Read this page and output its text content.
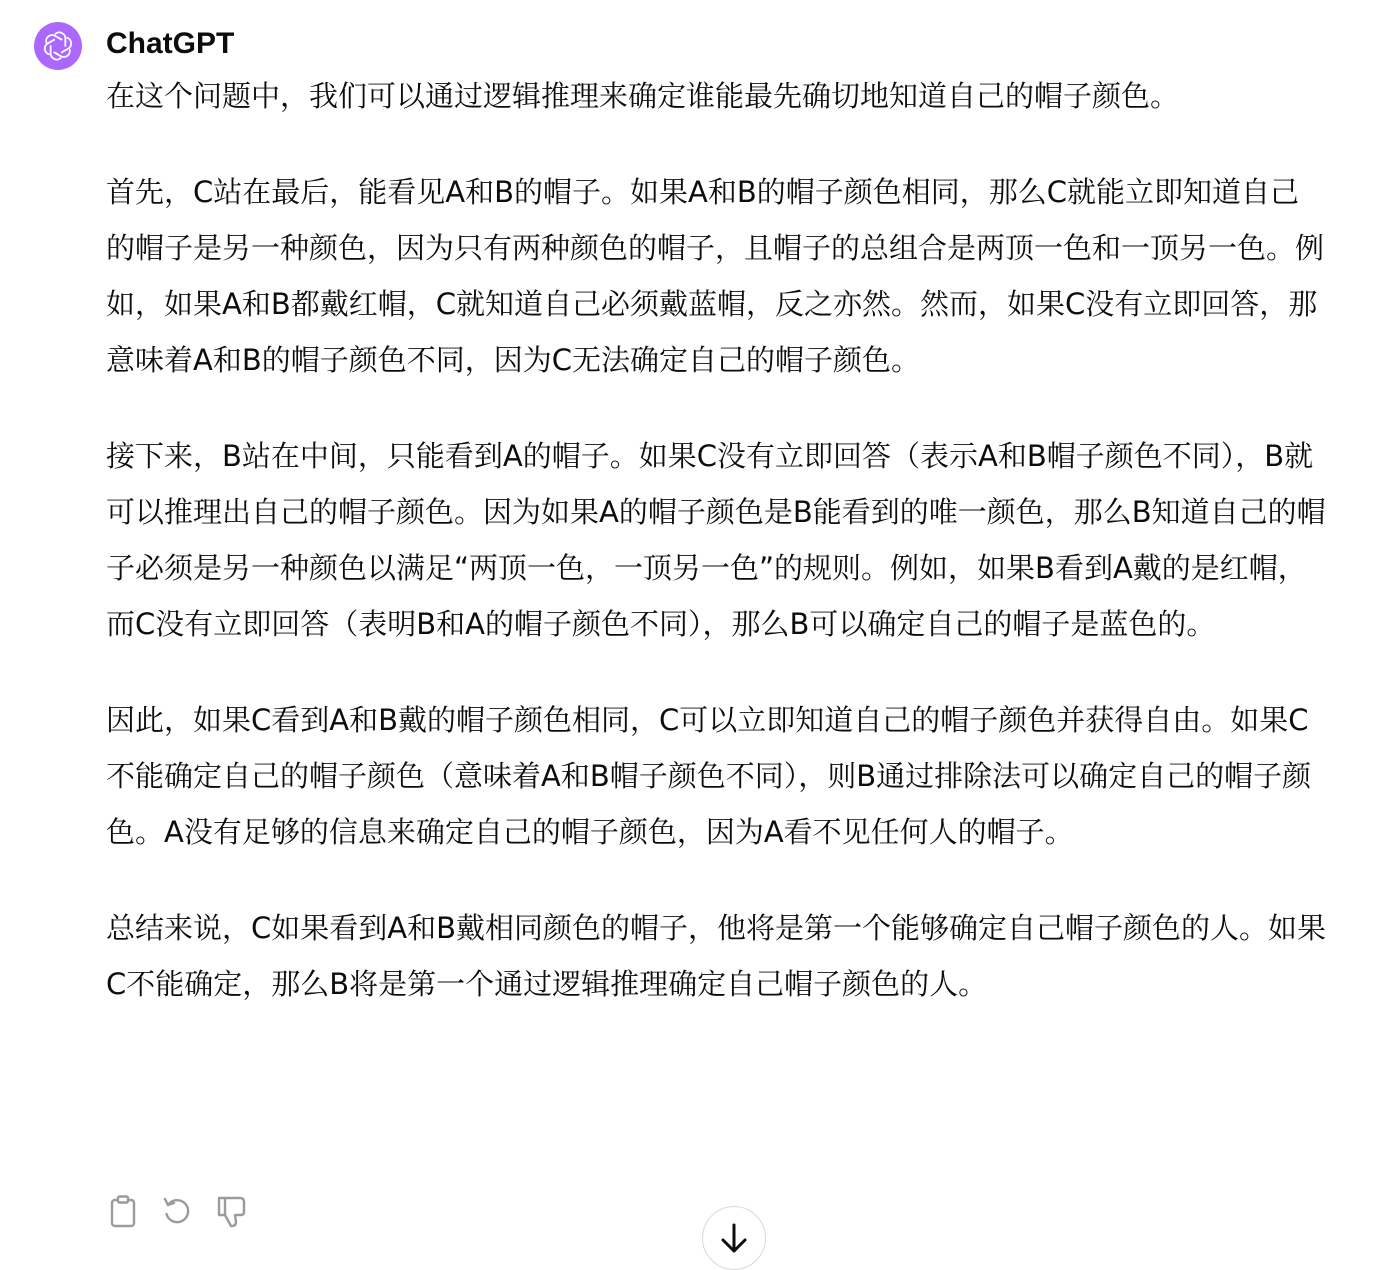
ChatGPT

在这个问题中，我们可以通过逻辑推理来确定谁能最先确切地知道自己的帽子颜色。

首先，C站在最后，能看见A和B的帽子。如果A和B的帽子颜色相同，那么C就能立即知道自己的帽子是另一种颜色，因为只有两种颜色的帽子，且帽子的总组合是两顶一色和一顶另一色。例如，如果A和B都戴红帽，C就知道自己必须戴蓝帽，反之亦然。然而，如果C没有立即回答，那意味着A和B的帽子颜色不同，因为C无法确定自己的帽子颜色。

接下来，B站在中间，只能看到A的帽子。如果C没有立即回答（表示A和B帽子颜色不同），B就可以推理出自己的帽子颜色。因为如果A的帽子颜色是B能看到的唯一颜色，那么B知道自己的帽子必须是另一种颜色以满足“两顶一色，一顶另一色”的规则。例如，如果B看到A戴的是红帽，而C没有立即回答（表明B和A的帽子颜色不同），那么B可以确定自己的帽子是蓝色的。

因此，如果C看到A和B戴的帽子颜色相同，C可以立即知道自己的帽子颜色并获得自由。如果C不能确定自己的帽子颜色（意味着A和B帽子颜色不同），则B通过排除法可以确定自己的帽子颜色。A没有足够的信息来确定自己的帽子颜色，因为A看不见任何人的帽子。

总结来说，C如果看到A和B戴相同颜色的帽子，他将是第一个能够确定自己帽子颜色的人。如果C不能确定，那么B将是第一个通过逻辑推理确定自己帽子颜色的人。
